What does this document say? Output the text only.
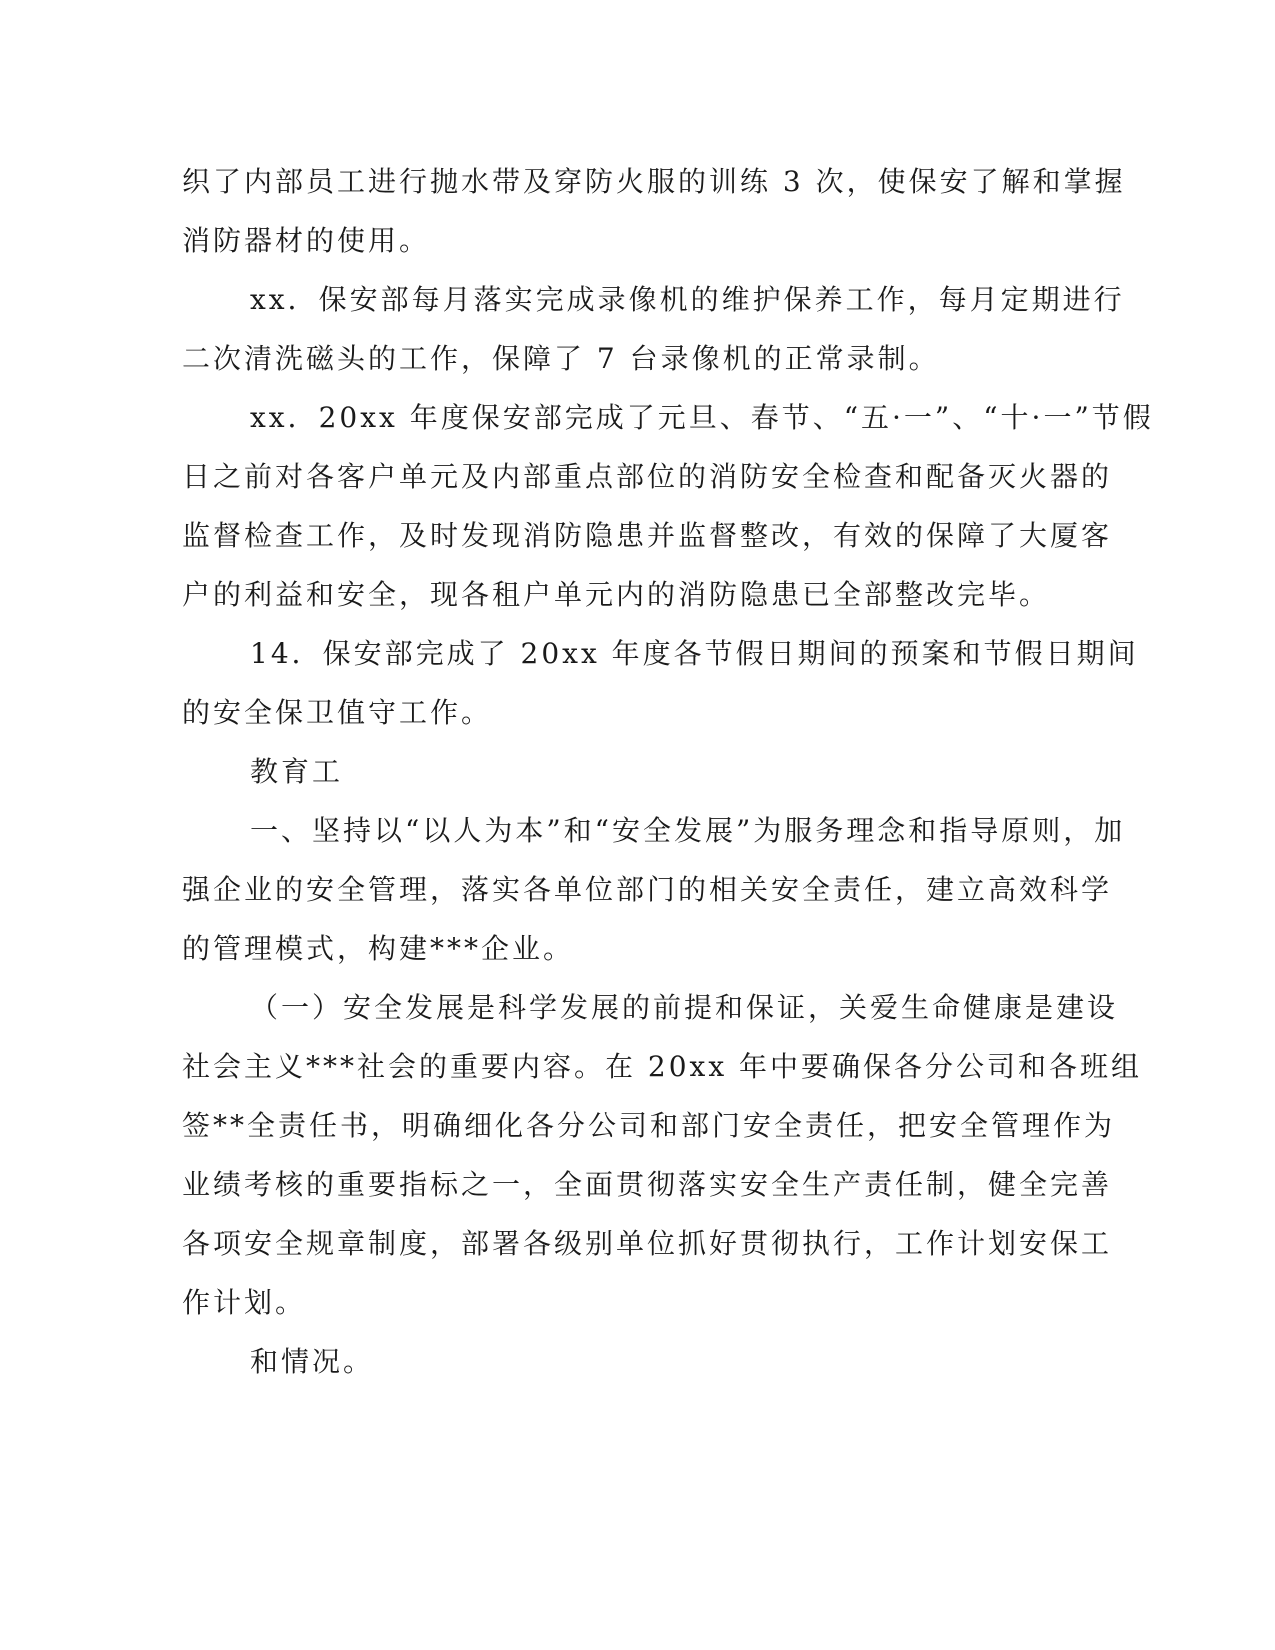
织了内部员工进行抛水带及穿防火服的训练 3 次，使保安了解和掌握
消防器材的使用。
xx．保安部每月落实完成录像机的维护保养工作，每月定期进行
二次清洗磁头的工作，保障了 7 台录像机的正常录制。
xx．20xx 年度保安部完成了元旦、春节、“五·一”、“十·一”节假
日之前对各客户单元及内部重点部位的消防安全检查和配备灭火器的
监督检查工作，及时发现消防隐患并监督整改，有效的保障了大厦客
户的利益和安全，现各租户单元内的消防隐患已全部整改完毕。
14．保安部完成了 20xx 年度各节假日期间的预案和节假日期间
的安全保卫值守工作。
教育工
一、坚持以“以人为本”和“安全发展”为服务理念和指导原则，加
强企业的安全管理，落实各单位部门的相关安全责任，建立高效科学
的管理模式，构建***企业。
（一）安全发展是科学发展的前提和保证，关爱生命健康是建设
社会主义***社会的重要内容。在 20xx 年中要确保各分公司和各班组
签**全责任书，明确细化各分公司和部门安全责任，把安全管理作为
业绩考核的重要指标之一，全面贯彻落实安全生产责任制，健全完善
各项安全规章制度，部署各级别单位抓好贯彻执行，工作计划安保工
作计划。
和情况。
